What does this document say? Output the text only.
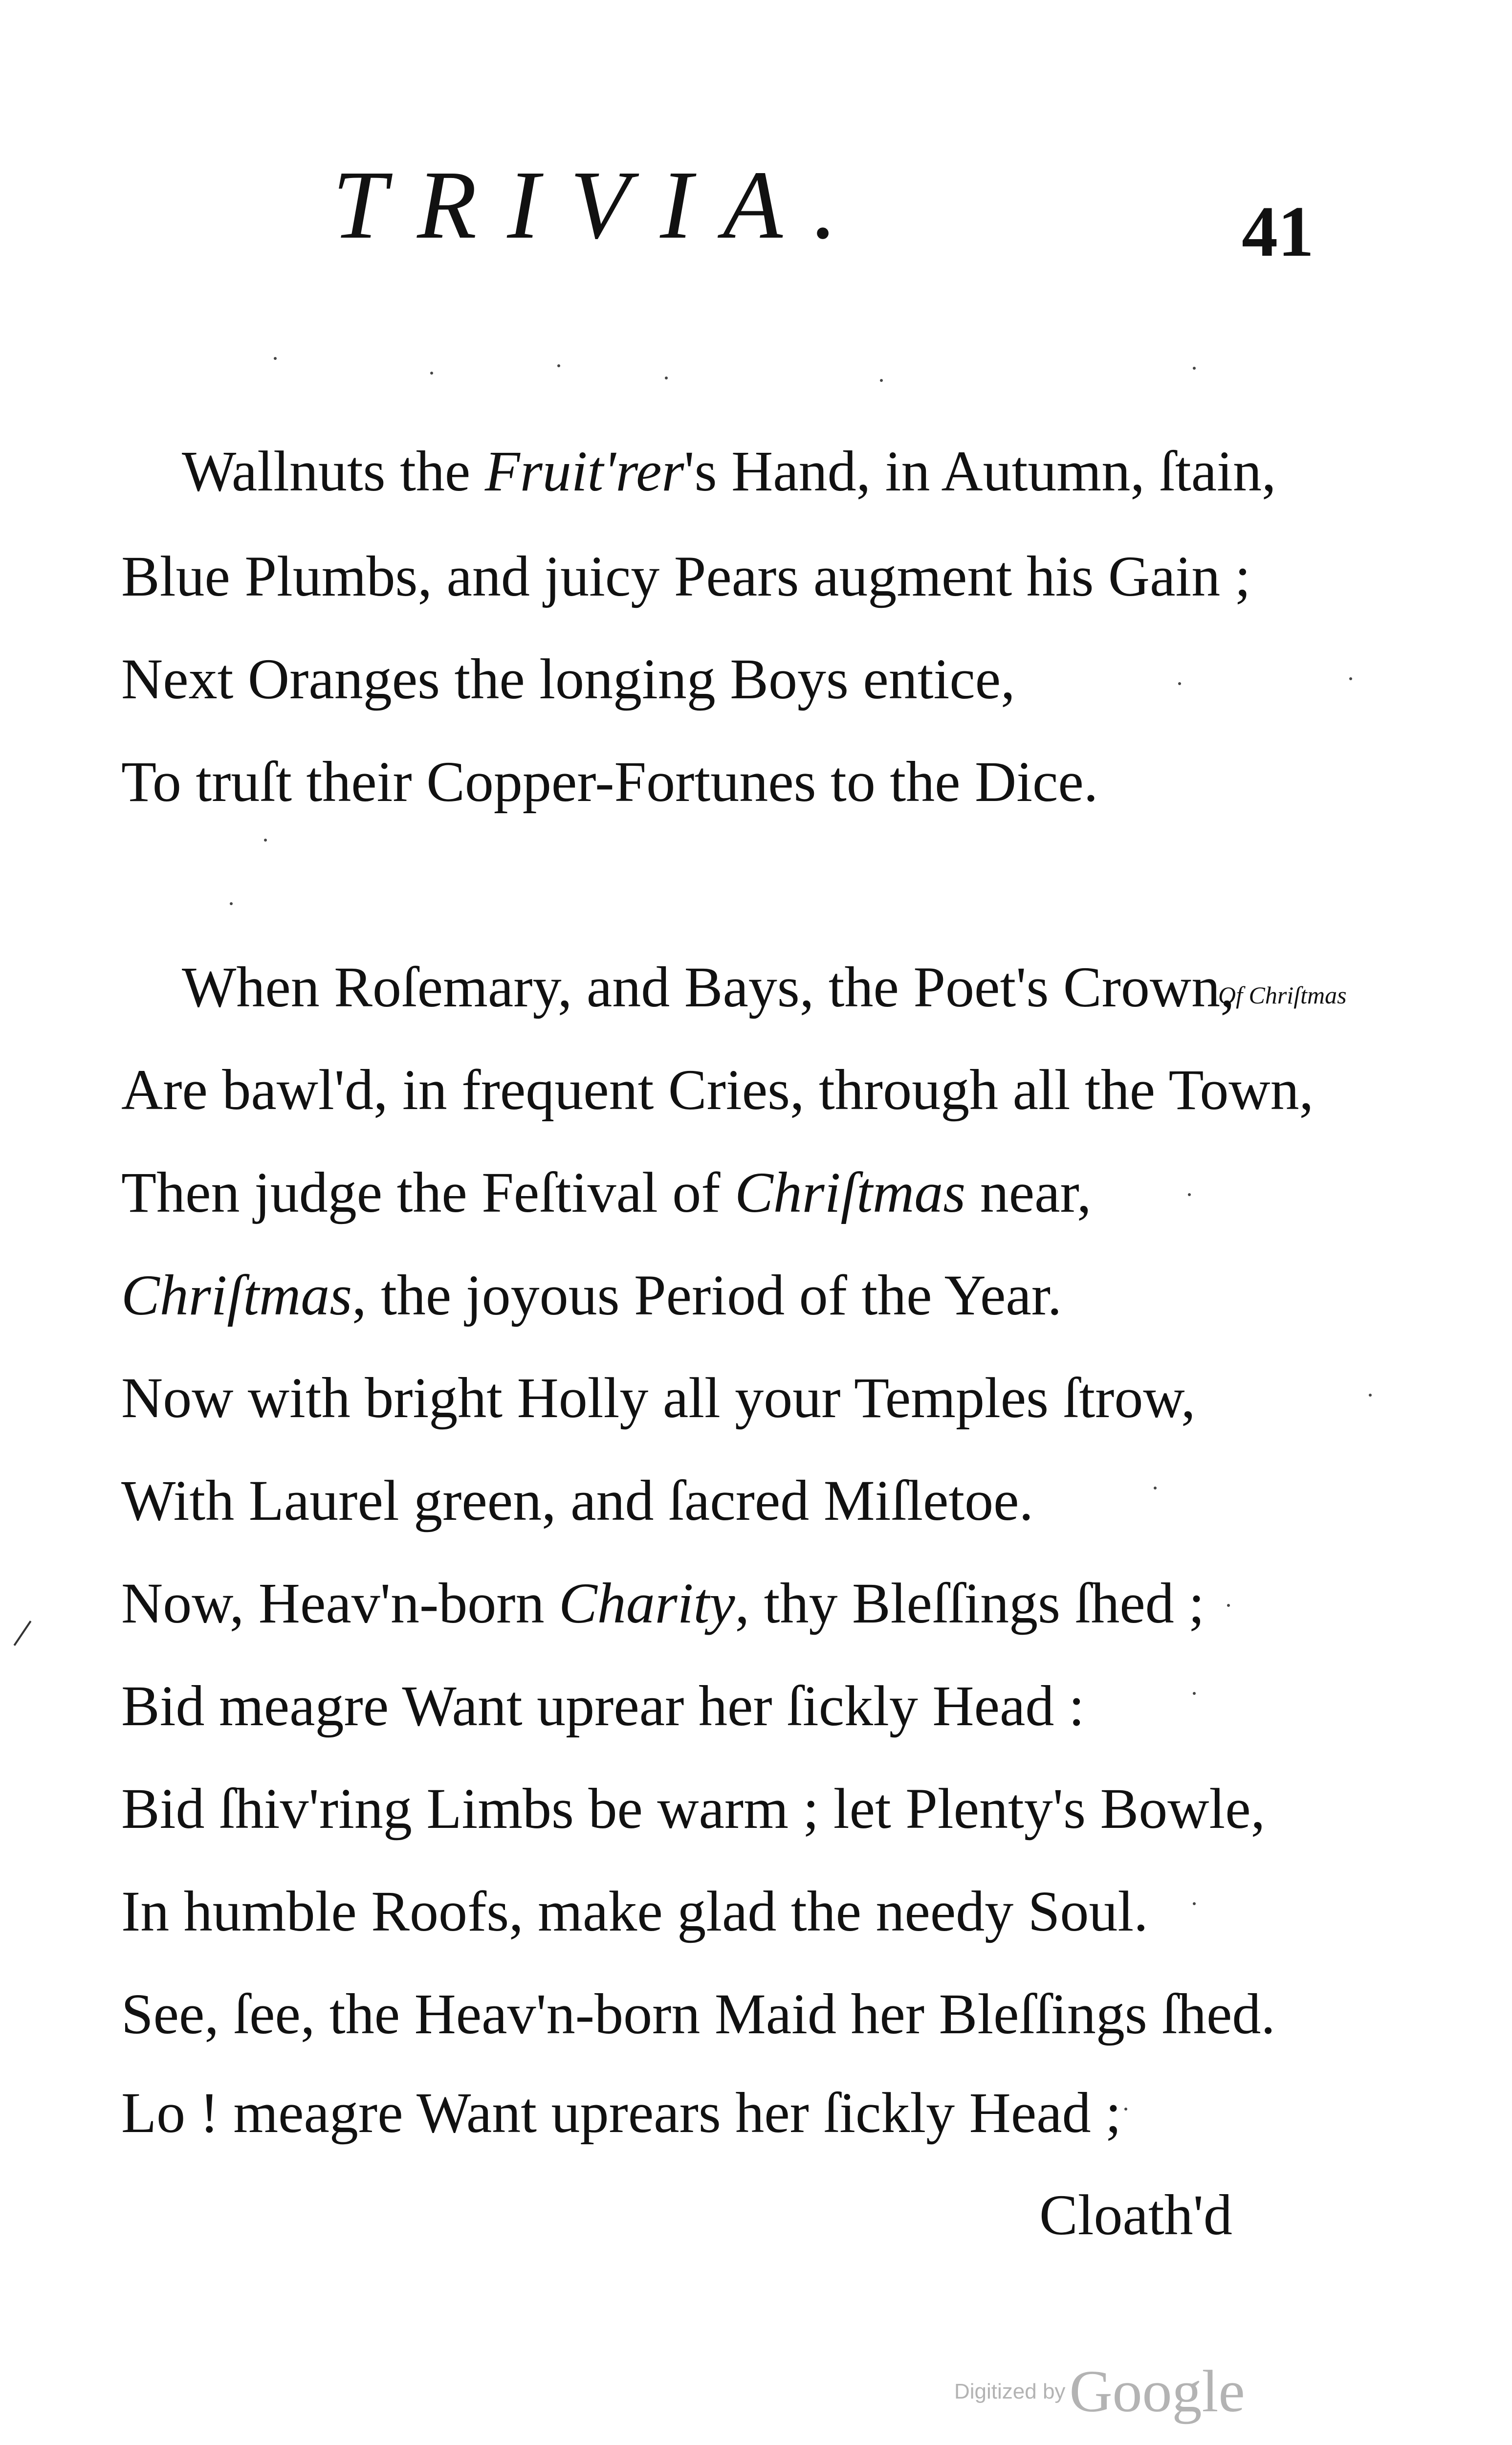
TRIVIA.	41
Wallnuts the Fruit'rer's Hand, in Autumn, ſtain,
Blue Plumbs, and juicy Pears augment his Gain ;
Next Oranges the longing Boys entice,
To truſt their Copper-Fortunes to the Dice.
When Roſemary, and Bays, the Poet's Crown,
Of Chriſtmas
Are bawl'd, in frequent Cries, through all the Town,
Then judge the Feſtival of Chriſtmas near,
Chriſtmas, the joyous Period of the Year.
Now with bright Holly all your Temples ſtrow,
With Laurel green, and ſacred Miſletoe.
Now, Heav'n-born Charity, thy Bleſſings ſhed ;
Bid meagre Want uprear her ſickly Head :
Bid ſhiv'ring Limbs be warm ; let Plenty's Bowle,
In humble Roofs, make glad the needy Soul.
See, ſee, the Heav'n-born Maid her Bleſſings ſhed.
Lo ! meagre Want uprears her ſickly Head ;
Cloath'd
Digitized byGoogle
